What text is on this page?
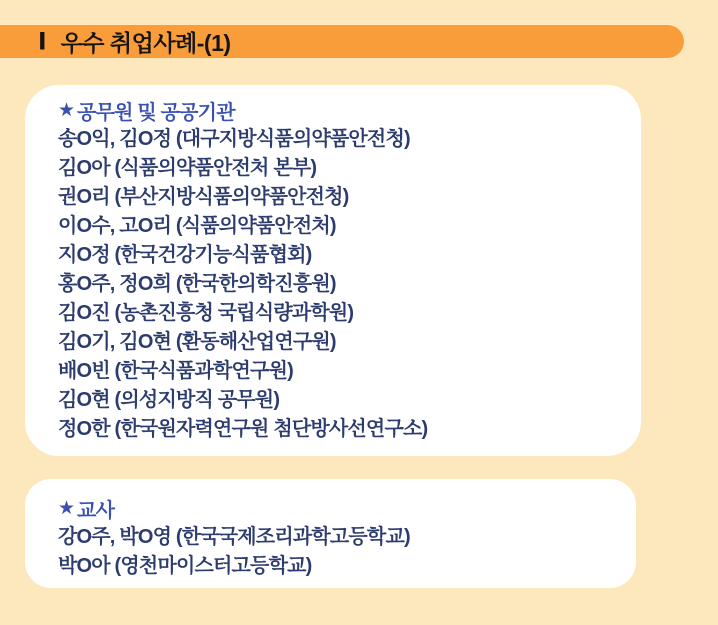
Ⅰ 우수 취업사례-(1)
★ 공무원 및 공공기관
송O익, 김O정 (대구지방식품의약품안전청)
김O아 (식품의약품안전처 본부)
권O리 (부산지방식품의약품안전청)
이O수, 고O리 (식품의약품안전처)
지O정 (한국건강기능식품협회)
홍O주, 정O희 (한국한의학진흥원)
김O진 (농촌진흥청 국립식량과학원)
김O기, 김O현 (환동해산업연구원)
배O빈 (한국식품과학연구원)
김O현 (의성지방직 공무원)
정O한 (한국원자력연구원 첨단방사선연구소)
★ 교사
강O주, 박O영 (한국국제조리과학고등학교)
박O아 (영천마이스터고등학교)
